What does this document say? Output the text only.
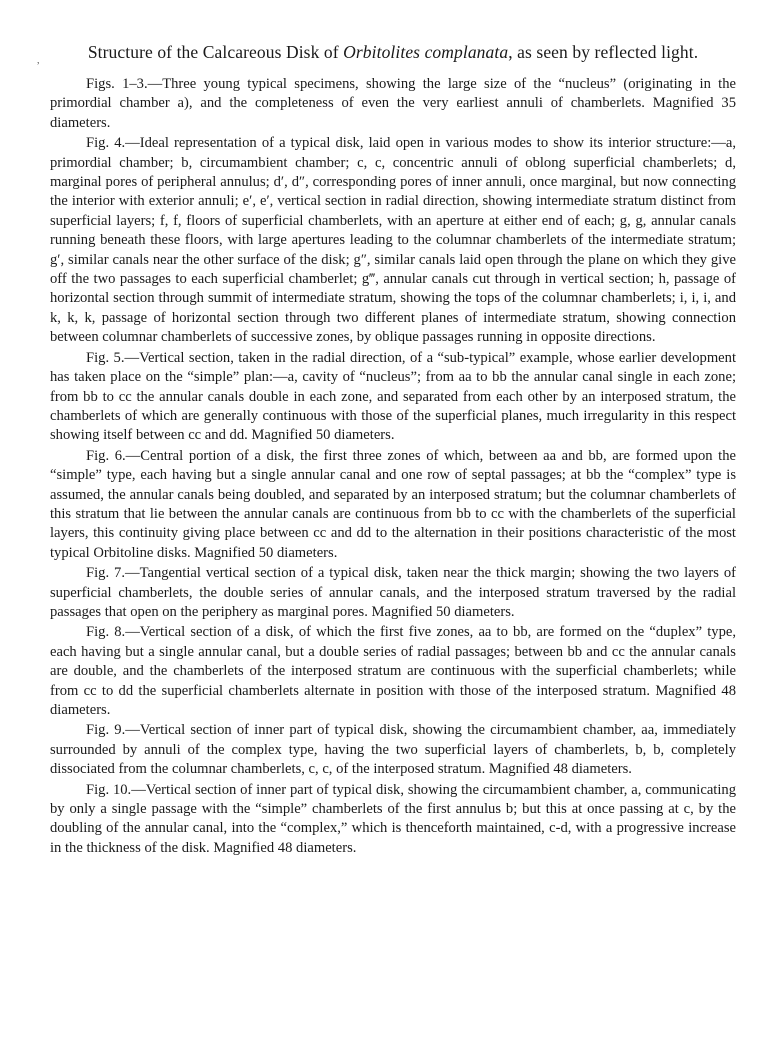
,	Structure of the Calcareous Disk of Orbitolites complanata, as seen by reflected light.

Figs. 1–3.—Three young typical specimens, showing the large size of the “nucleus” (originating in the primordial chamber a), and the completeness of even the very earliest annuli of chamberlets. Magnified 35 diameters.

Fig. 4.—Ideal representation of a typical disk, laid open in various modes to show its interior structure:—a, primordial chamber; b, circumambient chamber; c, c, concentric annuli of oblong superficial chamberlets; d, marginal pores of peripheral annulus; d′, d″, corresponding pores of inner annuli, once marginal, but now connecting the interior with exterior annuli; e′, e′, vertical section in radial direction, showing intermediate stratum distinct from superficial layers; f, f, floors of superficial chamberlets, with an aperture at either end of each; g, g, annular canals running beneath these floors, with large apertures leading to the columnar chamberlets of the intermediate stratum; g′, similar canals near the other surface of the disk; g″, similar canals laid open through the plane on which they give off the two passages to each superficial chamberlet; g‴, annular canals cut through in vertical section; h, passage of horizontal section through summit of intermediate stratum, showing the tops of the columnar chamberlets; i, i, i, and k, k, k, passage of horizontal section through two different planes of intermediate stratum, showing connection between columnar chamberlets of successive zones, by oblique passages running in opposite directions.

Fig. 5.—Vertical section, taken in the radial direction, of a “sub-typical” example, whose earlier development has taken place on the “simple” plan:—a, cavity of “nucleus”; from aa to bb the annular canal single in each zone; from bb to cc the annular canals double in each zone, and separated from each other by an interposed stratum, the chamberlets of which are generally continuous with those of the superficial planes, much irregularity in this respect showing itself between cc and dd. Magnified 50 diameters.

Fig. 6.—Central portion of a disk, the first three zones of which, between aa and bb, are formed upon the “simple” type, each having but a single annular canal and one row of septal passages; at bb the “complex” type is assumed, the annular canals being doubled, and separated by an interposed stratum; but the columnar chamberlets of this stratum that lie between the annular canals are continuous from bb to cc with the chamberlets of the superficial layers, this continuity giving place between cc and dd to the alternation in their positions characteristic of the most typical Orbitoline disks. Magnified 50 diameters.

Fig. 7.—Tangential vertical section of a typical disk, taken near the thick margin; showing the two layers of superficial chamberlets, the double series of annular canals, and the interposed stratum traversed by the radial passages that open on the periphery as marginal pores. Magnified 50 diameters.

Fig. 8.—Vertical section of a disk, of which the first five zones, aa to bb, are formed on the “duplex” type, each having but a single annular canal, but a double series of radial passages; between bb and cc the annular canals are double, and the chamberlets of the interposed stratum are continuous with the superficial chamberlets; while from cc to dd the superficial chamberlets alternate in position with those of the interposed stratum. Magnified 48 diameters.

Fig. 9.—Vertical section of inner part of typical disk, showing the circumambient chamber, aa, immediately surrounded by annuli of the complex type, having the two superficial layers of chamberlets, b, b, completely dissociated from the columnar chamberlets, c, c, of the interposed stratum. Magnified 48 diameters.

Fig. 10.—Vertical section of inner part of typical disk, showing the circumambient chamber, a, communicating by only a single passage with the “simple” chamberlets of the first annulus b; but this at once passing at c, by the doubling of the annular canal, into the “complex,” which is thenceforth maintained, c-d, with a progressive increase in the thickness of the disk. Magnified 48 diameters.
